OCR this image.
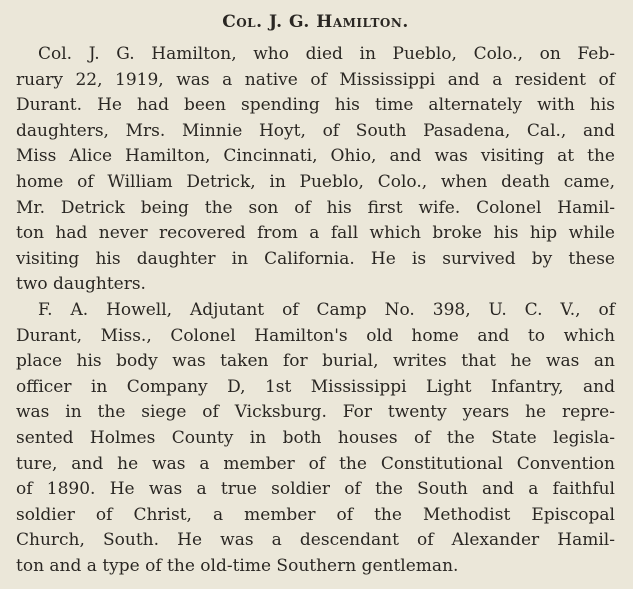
Col. J. G. Hamilton.

Col. J. G. Hamilton, who died in Pueblo, Colo., on Feb-
ruary 22, 1919, was a native of Mississippi and a resident of
Durant. He had been spending his time alternately with his
daughters, Mrs. Minnie Hoyt, of South Pasadena, Cal., and
Miss Alice Hamilton, Cincinnati, Ohio, and was visiting at the
home of William Detrick, in Pueblo, Colo., when death came,
Mr. Detrick being the son of his first wife. Colonel Hamil-
ton had never recovered from a fall which broke his hip while
visiting his daughter in California. He is survived by these
two daughters.

F. A. Howell, Adjutant of Camp No. 398, U. C. V., of
Durant, Miss., Colonel Hamilton's old home and to which
place his body was taken for burial, writes that he was an
officer in Company D, 1st Mississippi Light Infantry, and
was in the siege of Vicksburg. For twenty years he repre-
sented Holmes County in both houses of the State legisla-
ture, and he was a member of the Constitutional Convention
of 1890. He was a true soldier of the South and a faithful
soldier of Christ, a member of the Methodist Episcopal
Church, South. He was a descendant of Alexander Hamil-
ton and a type of the old-time Southern gentleman.
